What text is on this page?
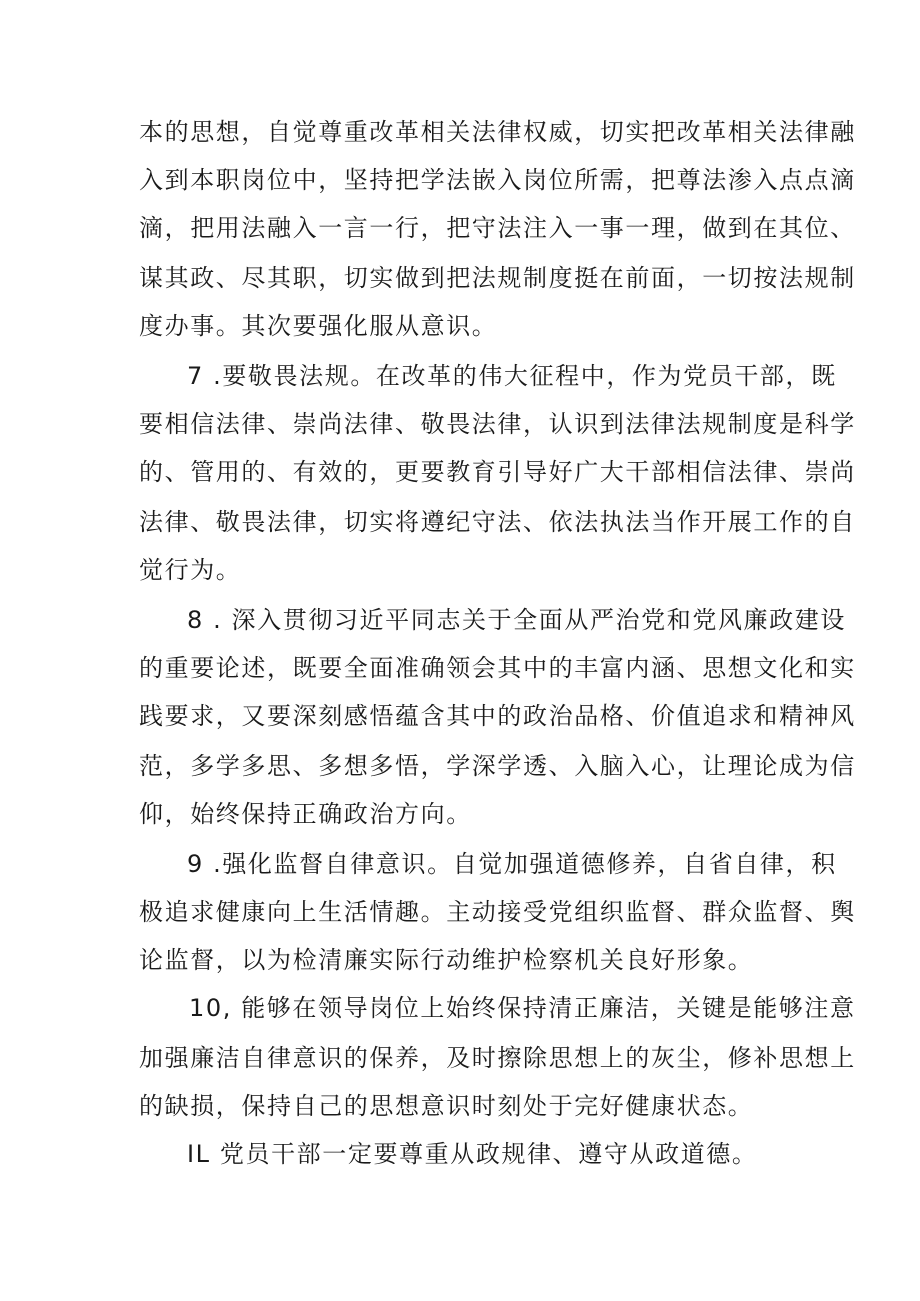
本的思想，自觉尊重改革相关法律权威，切实把改革相关法律融
入到本职岗位中，坚持把学法嵌入岗位所需，把尊法渗入点点滴
滴，把用法融入一言一行，把守法注入一事一理，做到在其位、
谋其政、尽其职，切实做到把法规制度挺在前面，一切按法规制
度办事。其次要强化服从意识。
7 .要敬畏法规。在改革的伟大征程中，作为党员干部，既
要相信法律、崇尚法律、敬畏法律，认识到法律法规制度是科学
的、管用的、有效的，更要教育引导好广大干部相信法律、崇尚
法律、敬畏法律，切实将遵纪守法、依法执法当作开展工作的自
觉行为。
8 . 深入贯彻习近平同志关于全面从严治党和党风廉政建设
的重要论述，既要全面准确领会其中的丰富内涵、思想文化和实
践要求，又要深刻感悟蕴含其中的政治品格、价值追求和精神风
范，多学多思、多想多悟，学深学透、入脑入心，让理论成为信
仰，始终保持正确政治方向。
9 .强化监督自律意识。自觉加强道德修养，自省自律，积
极追求健康向上生活情趣。主动接受党组织监督、群众监督、舆
论监督，以为检清廉实际行动维护检察机关良好形象。
10, 能够在领导岗位上始终保持清正廉洁，关键是能够注意
加强廉洁自律意识的保养，及时擦除思想上的灰尘，修补思想上
的缺损，保持自己的思想意识时刻处于完好健康状态。
IL 党员干部一定要尊重从政规律、遵守从政道德。
